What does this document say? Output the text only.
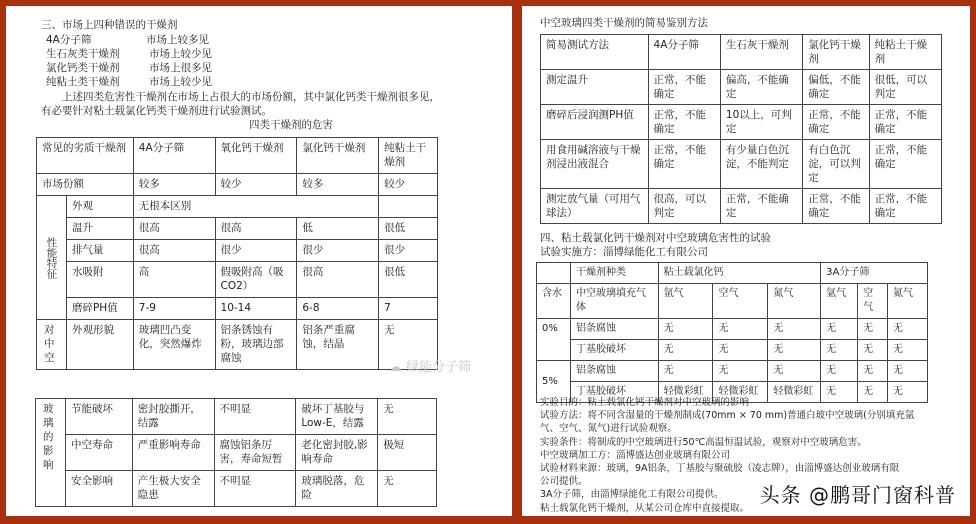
三、市场上四种错误的干燥剂
4A分子筛	市场上较多见
生石灰类干燥剂	市场上较少见
氯化钙类干燥剂	市场上很多见
纯粘土类干燥剂	市场上较少见
上述四类危害性干燥剂在市场上占很大的市场份额，其中氯化钙类干燥剂很多见，
有必要针对粘土载氯化钙类干燥剂进行试验测试。
四类干燥剂的危害
常见的劣质干燥剂		4A分子筛	氧化钙干燥剂	氯化钙干燥剂	纯粘土干燥剂
市场份额		较多	较少	较多	较少
性能特征	外观	无根本区别			
	温升	很高	很高	低	很低
	排气量	很高	很少	很少	很少
	水吸附	高	假吸附高（吸CO2）	很高	很低
	磨碎PH值	7-9	10-14	6-8	7
对中空	外观形貌	玻璃凹凸变化，突然爆炸	铝条锈蚀有粉，玻璃边部腐蚀	铝条严重腐蚀，结晶	无
☁ 绿能分子筛
玻璃的影响	节能破坏	密封胶撕开，结露	不明显	破坏丁基胶与Low-E，结露	无
	中空寿命	严重影响寿命	腐蚀铝条厉害，寿命短暂	老化密封胶,影响寿命	极短
	安全影响	产生极大安全隐患	不明显	玻璃脱落，危险	无
中空玻璃四类干燥剂的简易鉴别方法
简易测试方法	4A分子筛	生石灰干燥剂	氯化钙干燥剂	纯粘土干燥剂
测定温升	正常，不能确定	偏高，不能确定	偏低，不能确定	很低，可以判定
磨碎后浸润测PH值	正常，不能确定	10以上，可判定	正常，不能确定	正常，不能确定
用食用碱溶液与干燥剂浸出液混合	正常，不能确定	有少量白色沉淀，不能判定	有白色沉淀，可以判定	正常，不能确定
测定放气量（可用气球法）	很高，可以判定	正常，不能确定	正常，不能确定	正常，不能确定
四、粘土载氯化钙干燥剂对中空玻璃危害性的试验
试验实施方：淄博绿能化工有限公司
	干燥剂种类	粘土载氯化钙			3A分子筛		
含水	中空玻璃填充气体	氩气	空气	氮气	氩气	空气	氮气
0%	铝条腐蚀	无	无	无	无	无	无
	丁基胶破坏	无	无	无	无	无	无
5%	铝条腐蚀	无	无	无	无	无	无
	丁基胶破坏	轻微彩虹	轻微彩虹	轻微彩虹	无	无	无
实验目的：粘土载氯化钙干燥剂对中空玻璃的影响
试验方法：将不同含湿量的干燥剂制成(70mm × 70 mm)普通白玻中空玻璃(分别填充氩
气、空气、氮气)进行试验观察。
实验条件：将制成的中空玻璃进行50℃高温恒温试验，观察对中空玻璃危害。
中空玻璃加工方：淄博盛达创业玻璃有限公司
试验材料来源：玻璃，9A铝条，丁基胶与聚硫胶（凌志牌），由淄博盛达创业玻璃有限
公司提供。
3A分子筛，由淄博绿能化工有限公司提供。
粘土载氯化钙干燥剂，从某公司仓库中直接提取。
头条 @鹏哥门窗科普
